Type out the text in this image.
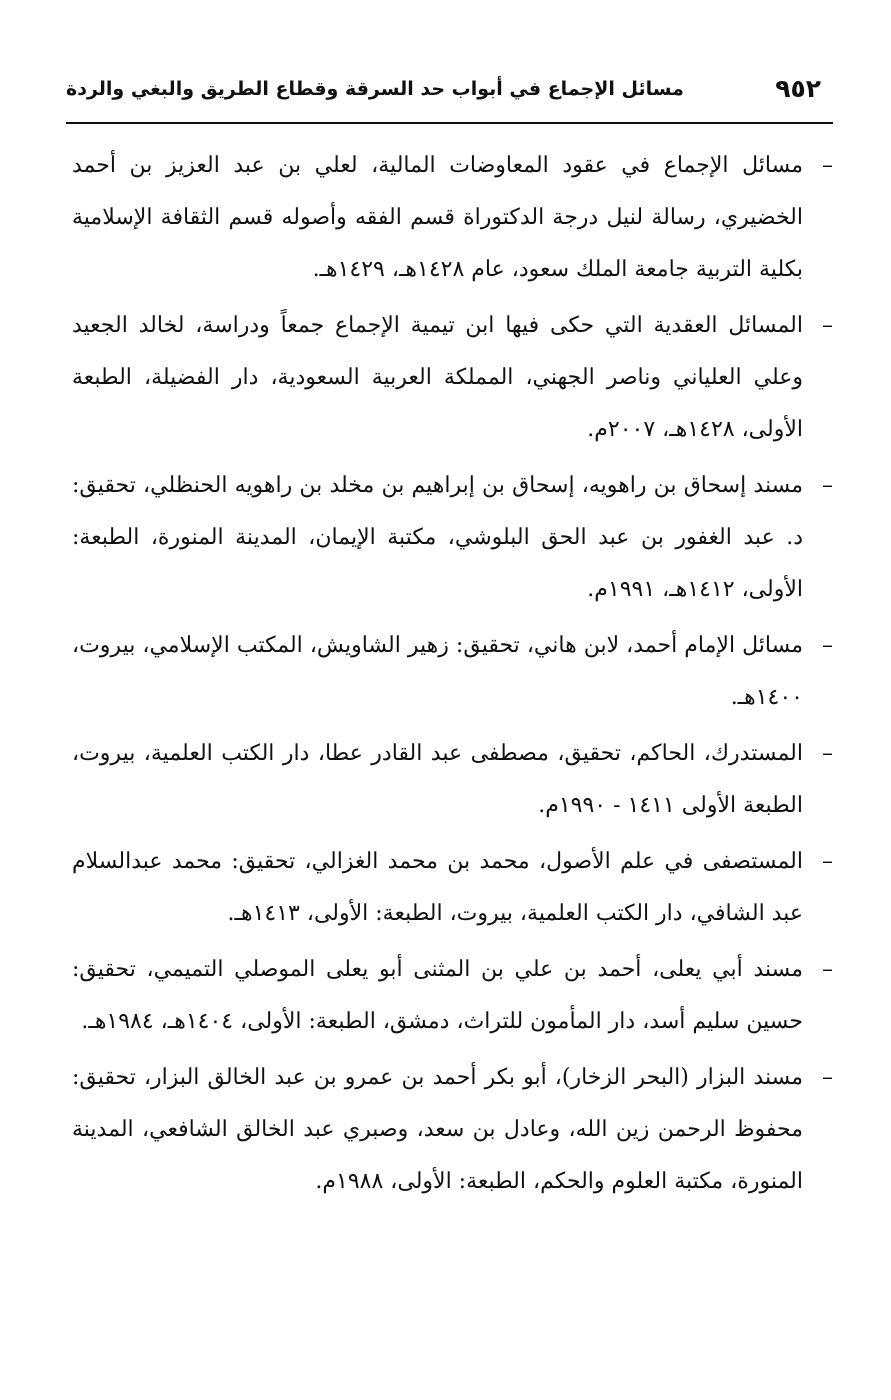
٩٥٢
مسائل الإجماع في أبواب حد السرقة وقطاع الطريق والبغي والردة
–
مسائل الإجماع في عقود المعاوضات المالية، لعلي بن عبد العزيز بن أحمد الخضيري، رسالة لنيل درجة الدكتوراة قسم الفقه وأصوله قسم الثقافة الإسلامية بكلية التربية جامعة الملك سعود، عام ١٤٢٨هـ، ١٤٢٩هـ.
–
المسائل العقدية التي حكى فيها ابن تيمية الإجماع جمعاً ودراسة، لخالد الجعيد وعلي العلياني وناصر الجهني، المملكة العربية السعودية، دار الفضيلة، الطبعة الأولى، ١٤٢٨هـ، ٢٠٠٧م.
–
مسند إسحاق بن راهويه، إسحاق بن إبراهيم بن مخلد بن راهويه الحنظلي، تحقيق: د. عبد الغفور بن عبد الحق البلوشي، مكتبة الإيمان، المدينة المنورة، الطبعة: الأولى، ١٤١٢هـ، ١٩٩١م.
–
مسائل الإمام أحمد، لابن هاني، تحقيق: زهير الشاويش، المكتب الإسلامي، بيروت، ١٤٠٠هـ.
–
المستدرك، الحاكم، تحقيق، مصطفى عبد القادر عطا، دار الكتب العلمية، بيروت، الطبعة الأولى ١٤١١ - ١٩٩٠م.
–
المستصفى في علم الأصول، محمد بن محمد الغزالي، تحقيق: محمد عبدالسلام عبد الشافي، دار الكتب العلمية، بيروت، الطبعة: الأولى، ١٤١٣هـ.
–
مسند أبي يعلى، أحمد بن علي بن المثنى أبو يعلى الموصلي التميمي، تحقيق: حسين سليم أسد، دار المأمون للتراث، دمشق، الطبعة: الأولى، ١٤٠٤هـ، ١٩٨٤هـ.
–
مسند البزار (البحر الزخار)، أبو بكر أحمد بن عمرو بن عبد الخالق البزار، تحقيق: محفوظ الرحمن زين الله، وعادل بن سعد، وصبري عبد الخالق الشافعي، المدينة المنورة، مكتبة العلوم والحكم، الطبعة: الأولى، ١٩٨٨م.
